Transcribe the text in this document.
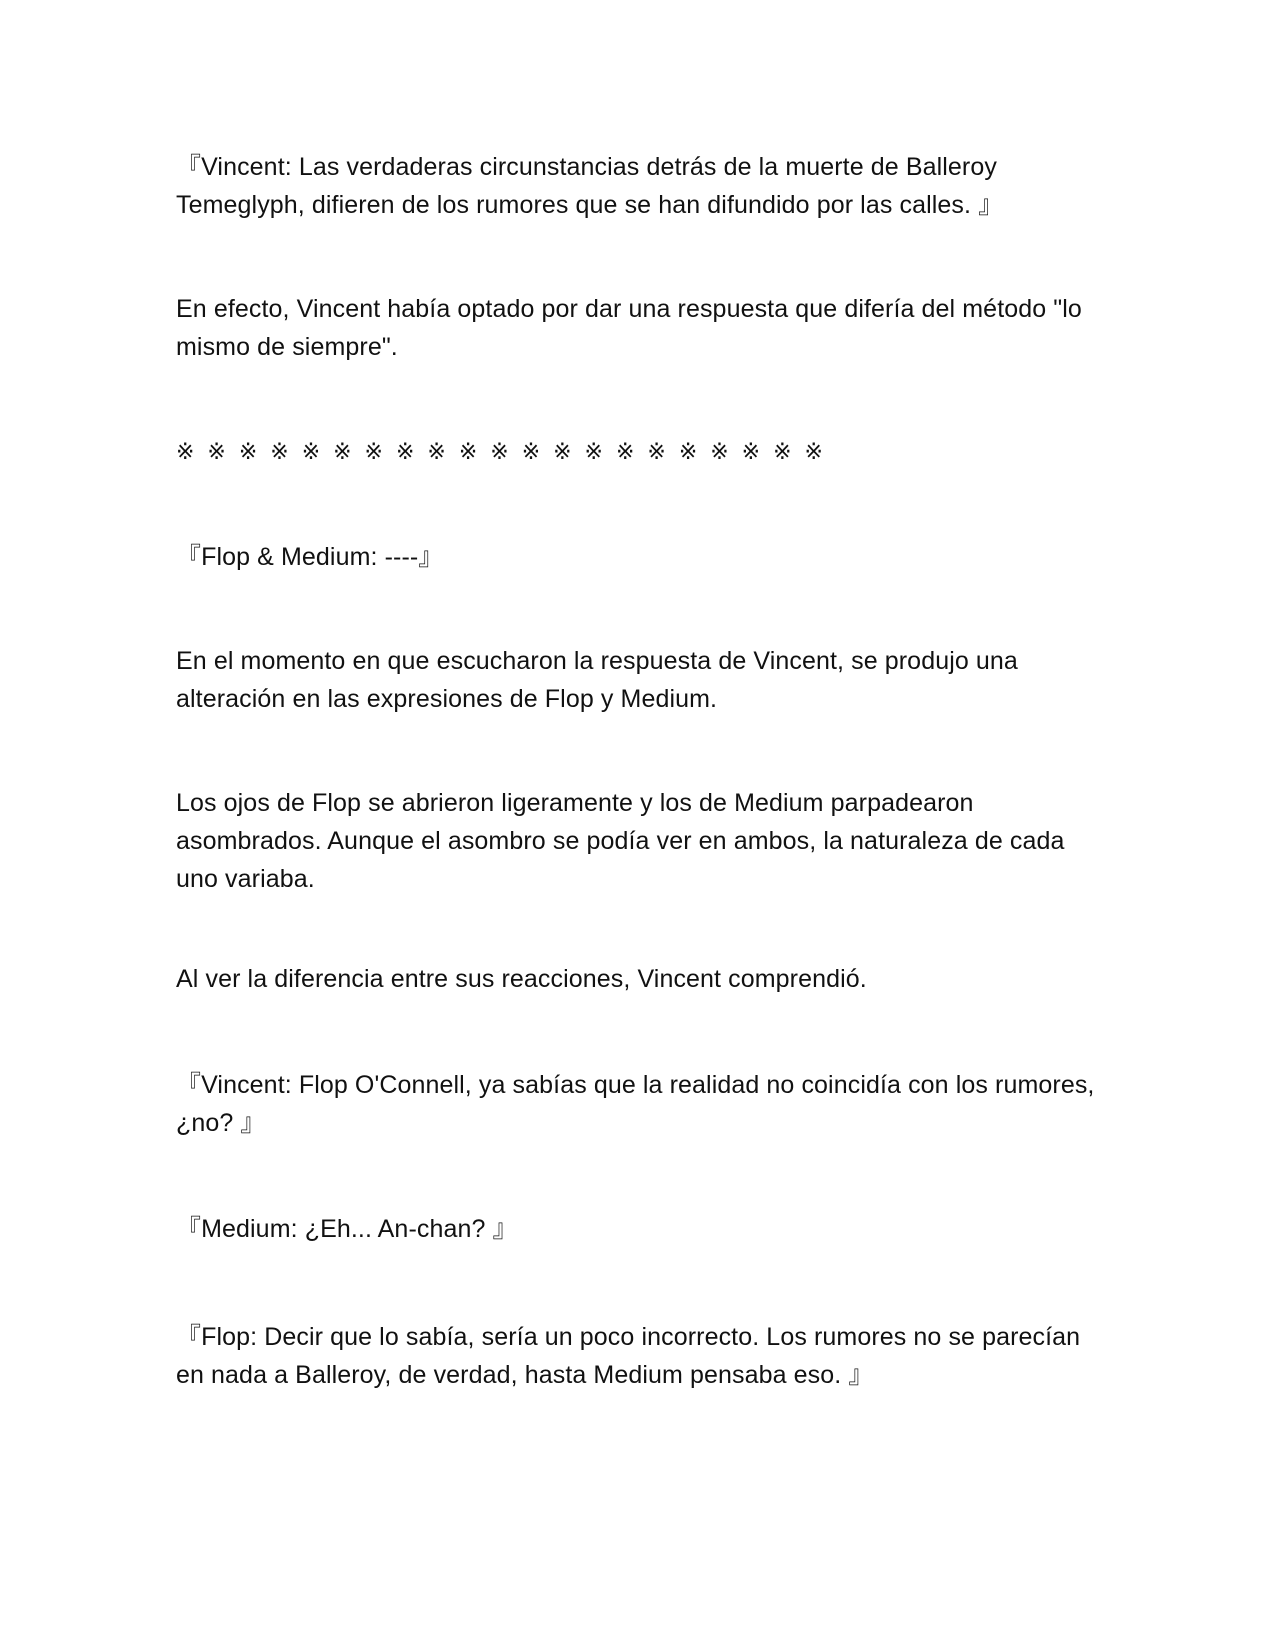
『Vincent: Las verdaderas circunstancias detrás de la muerte de Balleroy Temeglyph, difieren de los rumores que se han difundido por las calles. 』

En efecto, Vincent había optado por dar una respuesta que difería del método "lo mismo de siempre".

※ ※ ※ ※ ※ ※ ※ ※ ※ ※ ※ ※ ※ ※ ※ ※ ※ ※ ※ ※ ※

『Flop & Medium: ----』

En el momento en que escucharon la respuesta de Vincent, se produjo una alteración en las expresiones de Flop y Medium.

Los ojos de Flop se abrieron ligeramente y los de Medium parpadearon asombrados. Aunque el asombro se podía ver en ambos, la naturaleza de cada uno variaba.

Al ver la diferencia entre sus reacciones, Vincent comprendió.

『Vincent: Flop O'Connell, ya sabías que la realidad no coincidía con los rumores, ¿no? 』

『Medium: ¿Eh... An-chan? 』

『Flop: Decir que lo sabía, sería un poco incorrecto. Los rumores no se parecían en nada a Balleroy, de verdad, hasta Medium pensaba eso. 』
